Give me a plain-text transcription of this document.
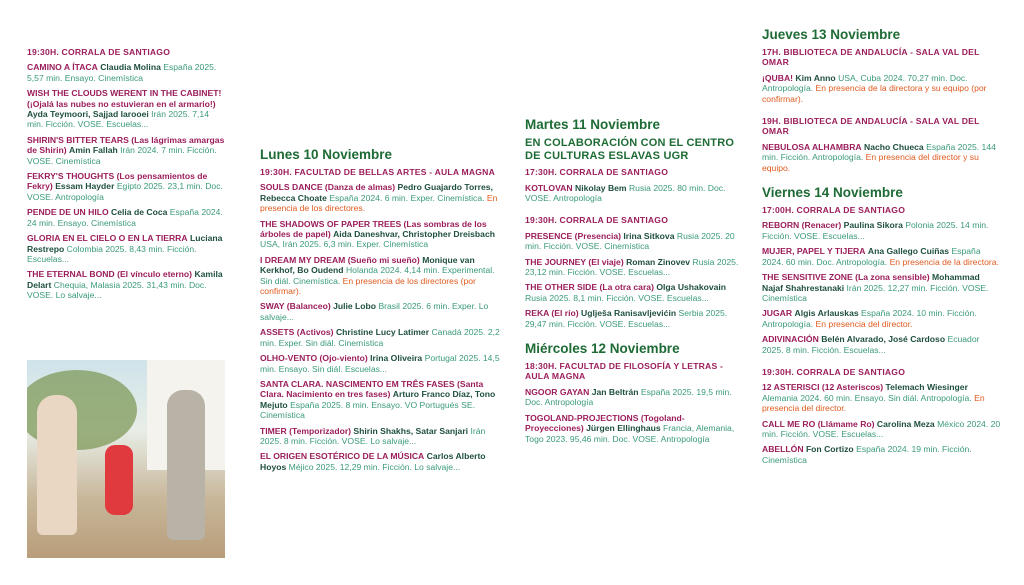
19:30H. CORRALA DE SANTIAGO
CAMINO A ÍTACA Claudia Molina España 2025. 5,57 min. Ensayo. Cinemística
WISH THE CLOUDS WERENT IN THE CABINET! (¡Ojalá las nubes no estuvieran en el armario!) Ayda Teymoori, Sajjad Iarooei Irán 2025. 7,14 min. Ficción. VOSE. Escuelas...
SHIRIN'S BITTER TEARS (Las lágrimas amargas de Shirin) Amin Fallah Irán 2024. 7 min. Ficción. VOSE. Cinemística
FEKRY'S THOUGHTS (Los pensamientos de Fekry) Essam Hayder Egipto 2025. 23,1 min. Doc. VOSE. Antropología
PENDE DE UN HILO Celia de Coca España 2024. 24 min. Ensayo. Cinemística
GLORIA EN EL CIELO O EN LA TIERRA Luciana Restrepo Colombia 2025. 8,43 min. Ficción. Escuelas...
THE ETERNAL BOND (El vínculo eterno) Kamila Delart Chequia, Malasia 2025. 31,43 min. Doc. VOSE. Lo salvaje...
Lunes 10 Noviembre
19:30H. FACULTAD DE BELLAS ARTES - AULA MAGNA
SOULS DANCE (Danza de almas) Pedro Guajardo Torres, Rebecca Choate España 2024. 6 min. Exper. Cinemística. En presencia de los directores.
THE SHADOWS OF PAPER TREES (Las sombras de los árboles de papel) Aida Daneshvar, Christopher Dreisbach USA, Irán 2025. 6,3 min. Exper. Cinemística
I DREAM MY DREAM (Sueño mi sueño) Monique van Kerkhof, Bo Oudend Holanda 2024. 4,14 min. Experimental. Sin diál. Cinemística. En presencia de los directores (por confirmar).
SWAY (Balanceo) Julie Lobo Brasil 2025. 6 min. Exper. Lo salvaje...
ASSETS (Activos) Christine Lucy Latimer Canadá 2025. 2,2 min. Exper. Sin diál. Cinemística
OLHO-VENTO (Ojo-viento) Irina Oliveira Portugal 2025. 14,5 min. Ensayo. Sin diál. Escuelas...
SANTA CLARA. NASCIMENTO EM TRÊS FASES (Santa Clara. Nacimiento en tres fases) Arturo Franco Díaz, Tono Mejuto España 2025. 8 min. Ensayo. VO Portugués SE. Cinemística
TIMER (Temporizador) Shirin Shakhs, Satar Sanjari Irán 2025. 8 min. Ficción. VOSE. Lo salvaje...
EL ORIGEN ESOTÉRICO DE LA MÚSICA Carlos Alberto Hoyos Méjico 2025. 12,29 min. Ficción. Lo salvaje...
Martes 11 Noviembre
EN COLABORACIÓN CON EL CENTRO DE CULTURAS ESLAVAS UGR
17:30H. CORRALA DE SANTIAGO
KOTLOVAN Nikolay Bem Rusia 2025. 80 min. Doc. VOSE. Antropología
19:30H. CORRALA DE SANTIAGO
PRESENCE (Presencia) Irina Sitkova Rusia 2025. 20 min. Ficción. VOSE. Cinemística
THE JOURNEY (El viaje) Roman Zinovev Rusia 2025. 23,12 min. Ficción. VOSE. Escuelas...
THE OTHER SIDE (La otra cara) Olga Ushakovain Rusia 2025. 8,1 min. Ficción. VOSE. Escuelas...
REKA (El río) Uglješa Ranisavljevićin Serbia 2025. 29,47 min. Ficción. VOSE. Escuelas...
Miércoles 12 Noviembre
18:30H. FACULTAD DE FILOSOFÍA Y LETRAS - AULA MAGNA
NGOOR GAYAN Jan Beltrán España 2025. 19,5 min. Doc. Antropología
TOGOLAND-PROJECTIONS (Togoland-Proyecciones) Jürgen Ellinghaus Francia, Alemania, Togo 2023. 95,46 min. Doc. VOSE. Antropología
Jueves 13 Noviembre
17H. BIBLIOTECA DE ANDALUCÍA - SALA VAL DEL OMAR
¡QUBA! Kim Anno USA, Cuba 2024. 70,27 min. Doc. Antropología. En presencia de la directora y su equipo (por confirmar).
19H. BIBLIOTECA DE ANDALUCÍA - SALA VAL DEL OMAR
NEBULOSA ALHAMBRA Nacho Chueca España 2025. 144 min. Ficción. Antropología. En presencia del director y su equipo.
Viernes 14 Noviembre
17:00H. CORRALA DE SANTIAGO
REBORN (Renacer) Paulina Sikora Polonia 2025. 14 min. Ficción. VOSE. Escuelas...
MUJER, PAPEL Y TIJERA Ana Gallego Cuiñas España 2024. 60 min. Doc. Antropología. En presencia de la directora.
THE SENSITIVE ZONE (La zona sensible) Mohammad Najaf Shahrestanaki Irán 2025. 12,27 min. Ficción. VOSE. Cinemística
JUGAR Algis Arlauskas España 2024. 10 min. Ficción. Antropología. En presencia del director.
ADIVINACIÓN Belén Alvarado, José Cardoso Ecuador 2025. 8 min. Ficción. Escuelas...
19:30H. CORRALA DE SANTIAGO
12 ASTERISCI (12 Asteriscos) Telemach Wiesinger Alemania 2024. 60 min. Ensayo. Sin diál. Antropología. En presencia del director.
CALL ME RO (Llámame Ro) Carolina Meza México 2024. 20 min. Ficción. VOSE. Escuelas...
ABELLÓN Fon Cortizo España 2024. 19 min. Ficción. Cinemística
